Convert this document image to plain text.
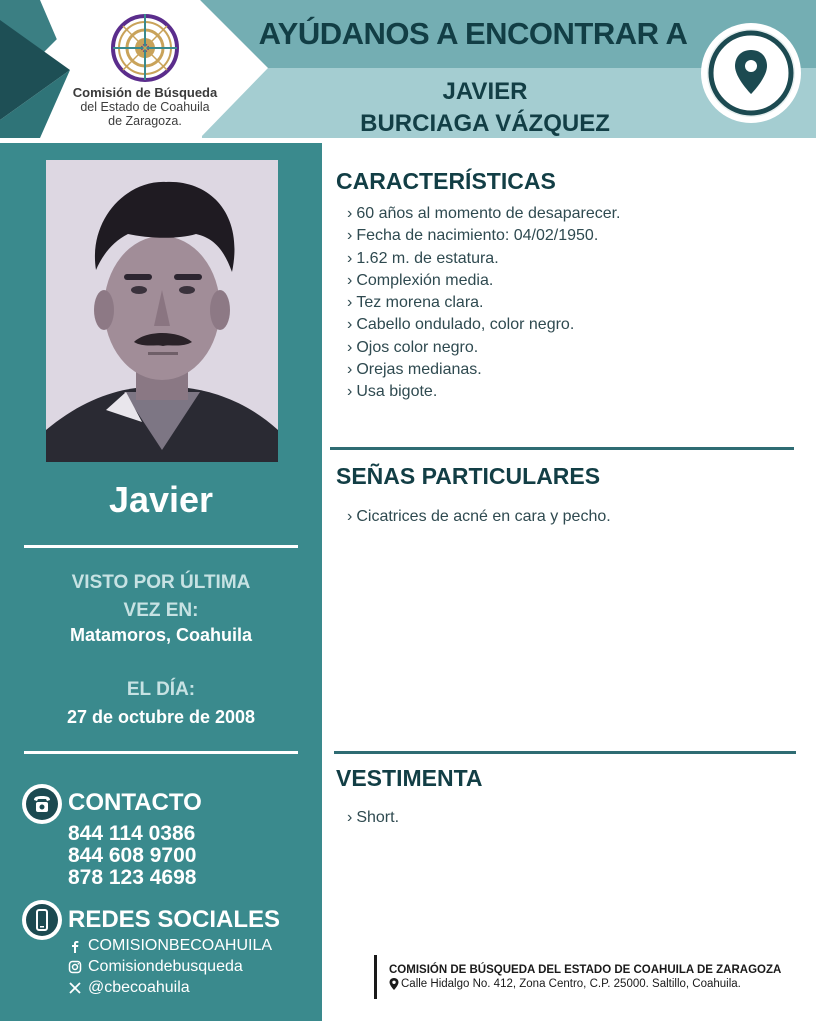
Comisión de Búsqueda
del Estado de Coahuila
de Zaragoza.
AYÚDANOS A ENCONTRAR A
JAVIER
BURCIAGA VÁZQUEZ
Javier
VISTO POR ÚLTIMA
VEZ EN:
Matamoros, Coahuila
EL DÍA:
27 de octubre de 2008
CONTACTO
844 114 0386
844 608 9700
878 123 4698
REDES SOCIALES
COMISIONBECOAHUILA
Comisiondebusqueda
@cbecoahuila
CARACTERÍSTICAS
› 60 años al momento de desaparecer.
› Fecha de nacimiento: 04/02/1950.
› 1.62 m. de estatura.
› Complexión media.
› Tez morena clara.
› Cabello ondulado, color negro.
› Ojos color negro.
› Orejas medianas.
› Usa bigote.
SEÑAS PARTICULARES
› Cicatrices de acné en cara y pecho.
VESTIMENTA
› Short.
COMISIÓN DE BÚSQUEDA DEL ESTADO DE COAHUILA DE ZARAGOZA
Calle Hidalgo No. 412, Zona Centro, C.P. 25000. Saltillo, Coahuila.
